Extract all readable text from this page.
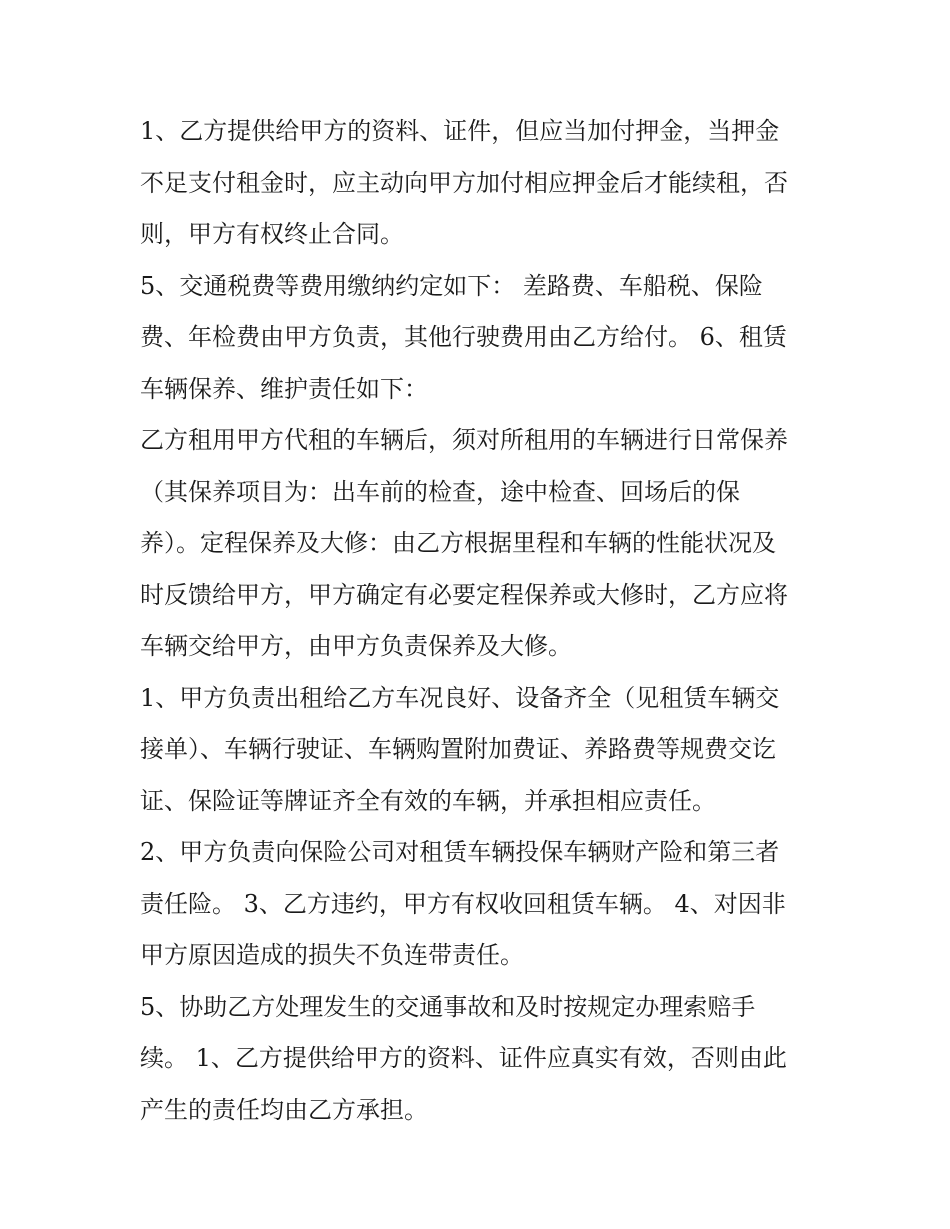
1、乙方提供给甲方的资料、证件，但应当加付押金，当押金
不足支付租金时，应主动向甲方加付相应押金后才能续租，否
则，甲方有权终止合同。
5、交通税费等费用缴纳约定如下： 差路费、车船税、保险
费、年检费由甲方负责，其他行驶费用由乙方给付。 6、租赁
车辆保养、维护责任如下：
乙方租用甲方代租的车辆后，须对所租用的车辆进行日常保养
（其保养项目为：出车前的检查，途中检查、回场后的保
养）。定程保养及大修：由乙方根据里程和车辆的性能状况及
时反馈给甲方，甲方确定有必要定程保养或大修时，乙方应将
车辆交给甲方，由甲方负责保养及大修。
1、甲方负责出租给乙方车况良好、设备齐全（见租赁车辆交
接单）、车辆行驶证、车辆购置附加费证、养路费等规费交讫
证、保险证等牌证齐全有效的车辆，并承担相应责任。
2、甲方负责向保险公司对租赁车辆投保车辆财产险和第三者
责任险。 3、乙方违约，甲方有权收回租赁车辆。 4、对因非
甲方原因造成的损失不负连带责任。
5、协助乙方处理发生的交通事故和及时按规定办理索赔手
续。 1、乙方提供给甲方的资料、证件应真实有效，否则由此
产生的责任均由乙方承担。
